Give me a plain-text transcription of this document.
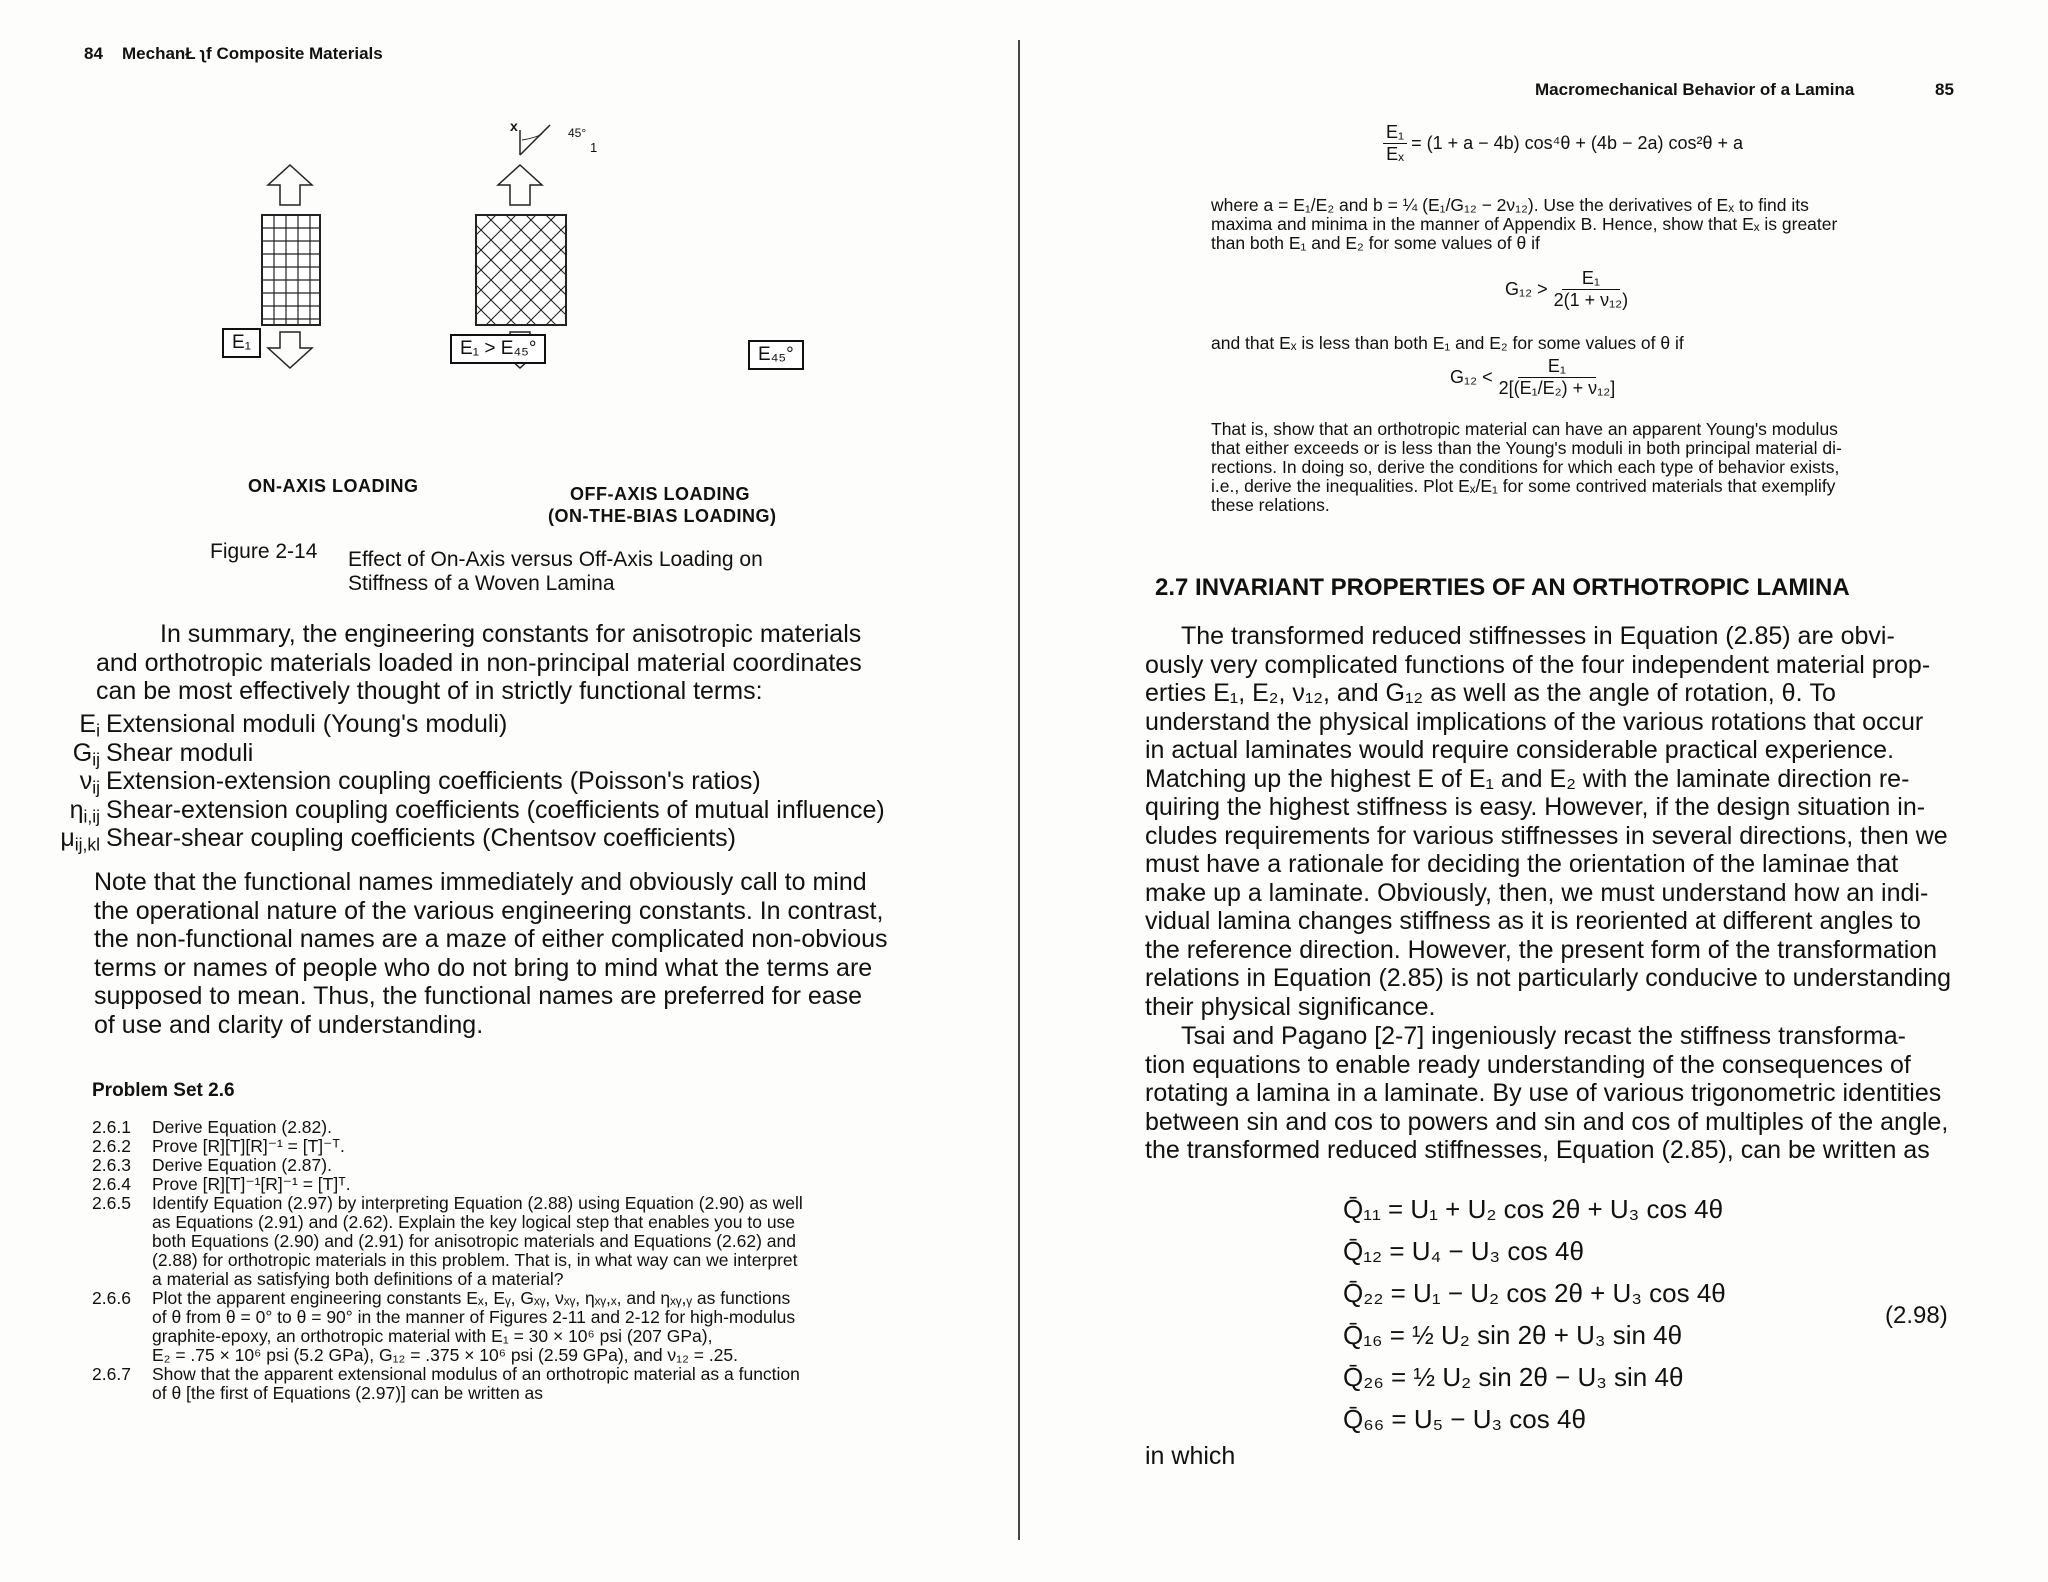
84 MechanŁ ʅf Composite Materials
x	45°
1
E₁	E₁ > E₄₅°	E₄₅°
ON-AXIS LOADING	OFF-AXIS LOADING
(ON-THE-BIAS LOADING)
Figure 2-14 Effect of On-Axis versus Off-Axis Loading on
Stiffness of a Woven Lamina
In summary, the engineering constants for anisotropic materials
and orthotropic materials loaded in non-principal material coordinates
can be most effectively thought of in strictly functional terms:
$E_i$ Extensional moduli (Young's moduli)
$G_{ij}$ Shear moduli
$\nu_{ij}$ Extension-extension coupling coefficients (Poisson's ratios)
$\eta_{i,ij}$ Shear-extension coupling coefficients (coefficients of mutual influence)
$\mu_{ij,kl}$ Shear-shear coupling coefficients (Chentsov coefficients)
Note that the functional names immediately and obviously call to mind
the operational nature of the various engineering constants. In contrast,
the non-functional names are a maze of either complicated non-obvious
terms or names of people who do not bring to mind what the terms are
supposed to mean. Thus, the functional names are preferred for ease
of use and clarity of understanding.
Problem Set 2.6
2.6.1	Derive Equation (2.82).
2.6.2	Prove [R][T][R]⁻¹ = [T]⁻ᵀ.
2.6.3	Derive Equation (2.87).
2.6.4	Prove [R][T]⁻¹[R]⁻¹ = [T]ᵀ.
2.6.5	Identify Equation (2.97) by interpreting Equation (2.88) using Equation (2.90) as well
as Equations (2.91) and (2.62). Explain the key logical step that enables you to use
both Equations (2.90) and (2.91) for anisotropic materials and Equations (2.62) and
(2.88) for orthotropic materials in this problem. That is, in what way can we interpret
a material as satisfying both definitions of a material?
2.6.6	Plot the apparent engineering constants Eₓ, Eᵧ, Gₓᵧ, νₓᵧ, ηₓᵧ,ₓ, and ηₓᵧ,ᵧ as functions
of θ from θ = 0° to θ = 90° in the manner of Figures 2-11 and 2-12 for high-modulus
graphite-epoxy, an orthotropic material with E₁ = 30 × 10⁶ psi (207 GPa),
E₂ = .75 × 10⁶ psi (5.2 GPa), G₁₂ = .375 × 10⁶ psi (2.59 GPa), and ν₁₂ = .25.
2.6.7	Show that the apparent extensional modulus of an orthotropic material as a function
of θ [the first of Equations (2.97)] can be written as
Macromechanical Behavior of a Lamina	85
$\frac{\text{E₁}}{\text{Eₓ}} = (1 + a - 4b) \cos^4\theta + (4b - 2a) \cos^2\theta + a$
where a = E₁/E₂ and b = ¼ (E₁/G₁₂ − 2ν₁₂). Use the derivatives of Eₓ to find its
maxima and minima in the manner of Appendix B. Hence, show that Eₓ is greater
than both E₁ and E₂ for some values of θ if
$G_{12} > \frac{\text{E₁}}{\text{2(1 + ν₁₂)}}$
and that Eₓ is less than both E₁ and E₂ for some values of θ if
$G_{12} < \frac{\text{E₁}}{\text{2[(E₁/E₂) + ν₁₂]}}$
That is, show that an orthotropic material can have an apparent Young's modulus
that either exceeds or is less than the Young's moduli in both principal material di-
rections. In doing so, derive the conditions for which each type of behavior exists,
i.e., derive the inequalities. Plot Eₓ/E₁ for some contrived materials that exemplify
these relations.
2.7 INVARIANT PROPERTIES OF AN ORTHOTROPIC LAMINA
The transformed reduced stiffnesses in Equation (2.85) are obvi-
ously very complicated functions of the four independent material prop-
erties E₁, E₂, ν₁₂, and G₁₂ as well as the angle of rotation, θ. To
understand the physical implications of the various rotations that occur
in actual laminates would require considerable practical experience.
Matching up the highest E of E₁ and E₂ with the laminate direction re-
quiring the highest stiffness is easy. However, if the design situation in-
cludes requirements for various stiffnesses in several directions, then we
must have a rationale for deciding the orientation of the laminae that
make up a laminate. Obviously, then, we must understand how an indi-
vidual lamina changes stiffness as it is reoriented at different angles to
the reference direction. However, the present form of the transformation
relations in Equation (2.85) is not particularly conducive to understanding
their physical significance.
Tsai and Pagano [2-7] ingeniously recast the stiffness transforma-
tion equations to enable ready understanding of the consequences of
rotating a lamina in a laminate. By use of various trigonometric identities
between sin and cos to powers and sin and cos of multiples of the angle,
the transformed reduced stiffnesses, Equation (2.85), can be written as
Q̄₁₁ = U₁ + U₂ cos 2θ + U₃ cos 4θ
Q̄₁₂ = U₄ − U₃ cos 4θ
Q̄₂₂ = U₁ − U₂ cos 2θ + U₃ cos 4θ
Q̄₁₆ = ½ U₂ sin 2θ + U₃ sin 4θ
Q̄₂₆ = ½ U₂ sin 2θ − U₃ sin 4θ
Q̄₆₆ = U₅ − U₃ cos 4θ
(2.98)
in which
